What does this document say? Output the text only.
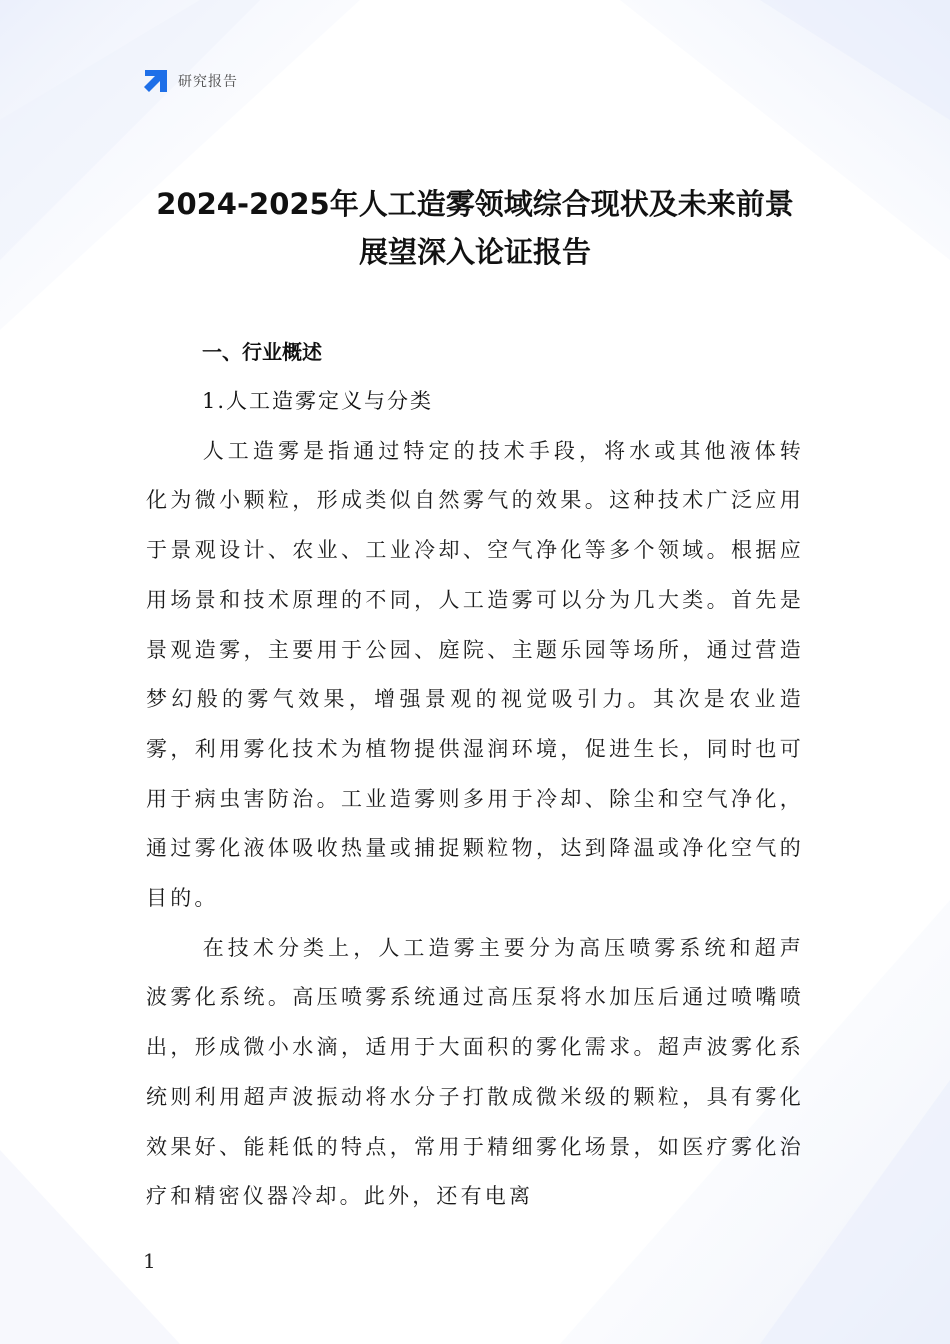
研究报告
2024-2025年人工造雾领域综合现状及未来前景
展望深入论证报告
一、行业概述
1.人工造雾定义与分类

人工造雾是指通过特定的技术手段，将水或其他液体转化为微小颗粒，形成类似自然雾气的效果。这种技术广泛应用于景观设计、农业、工业冷却、空气净化等多个领域。根据应用场景和技术原理的不同，人工造雾可以分为几大类。首先是景观造雾，主要用于公园、庭院、主题乐园等场所，通过营造梦幻般的雾气效果，增强景观的视觉吸引力。其次是农业造雾，利用雾化技术为植物提供湿润环境，促进生长，同时也可用于病虫害防治。工业造雾则多用于冷却、除尘和空气净化，通过雾化液体吸收热量或捕捉颗粒物，达到降温或净化空气的目的。

在技术分类上，人工造雾主要分为高压喷雾系统和超声波雾化系统。高压喷雾系统通过高压泵将水加压后通过喷嘴喷出，形成微小水滴，适用于大面积的雾化需求。超声波雾化系统则利用超声波振动将水分子打散成微米级的颗粒，具有雾化效果好、能耗低的特点，常用于精细雾化场景，如医疗雾化治疗和精密仪器冷却。此外，还有电离

1
